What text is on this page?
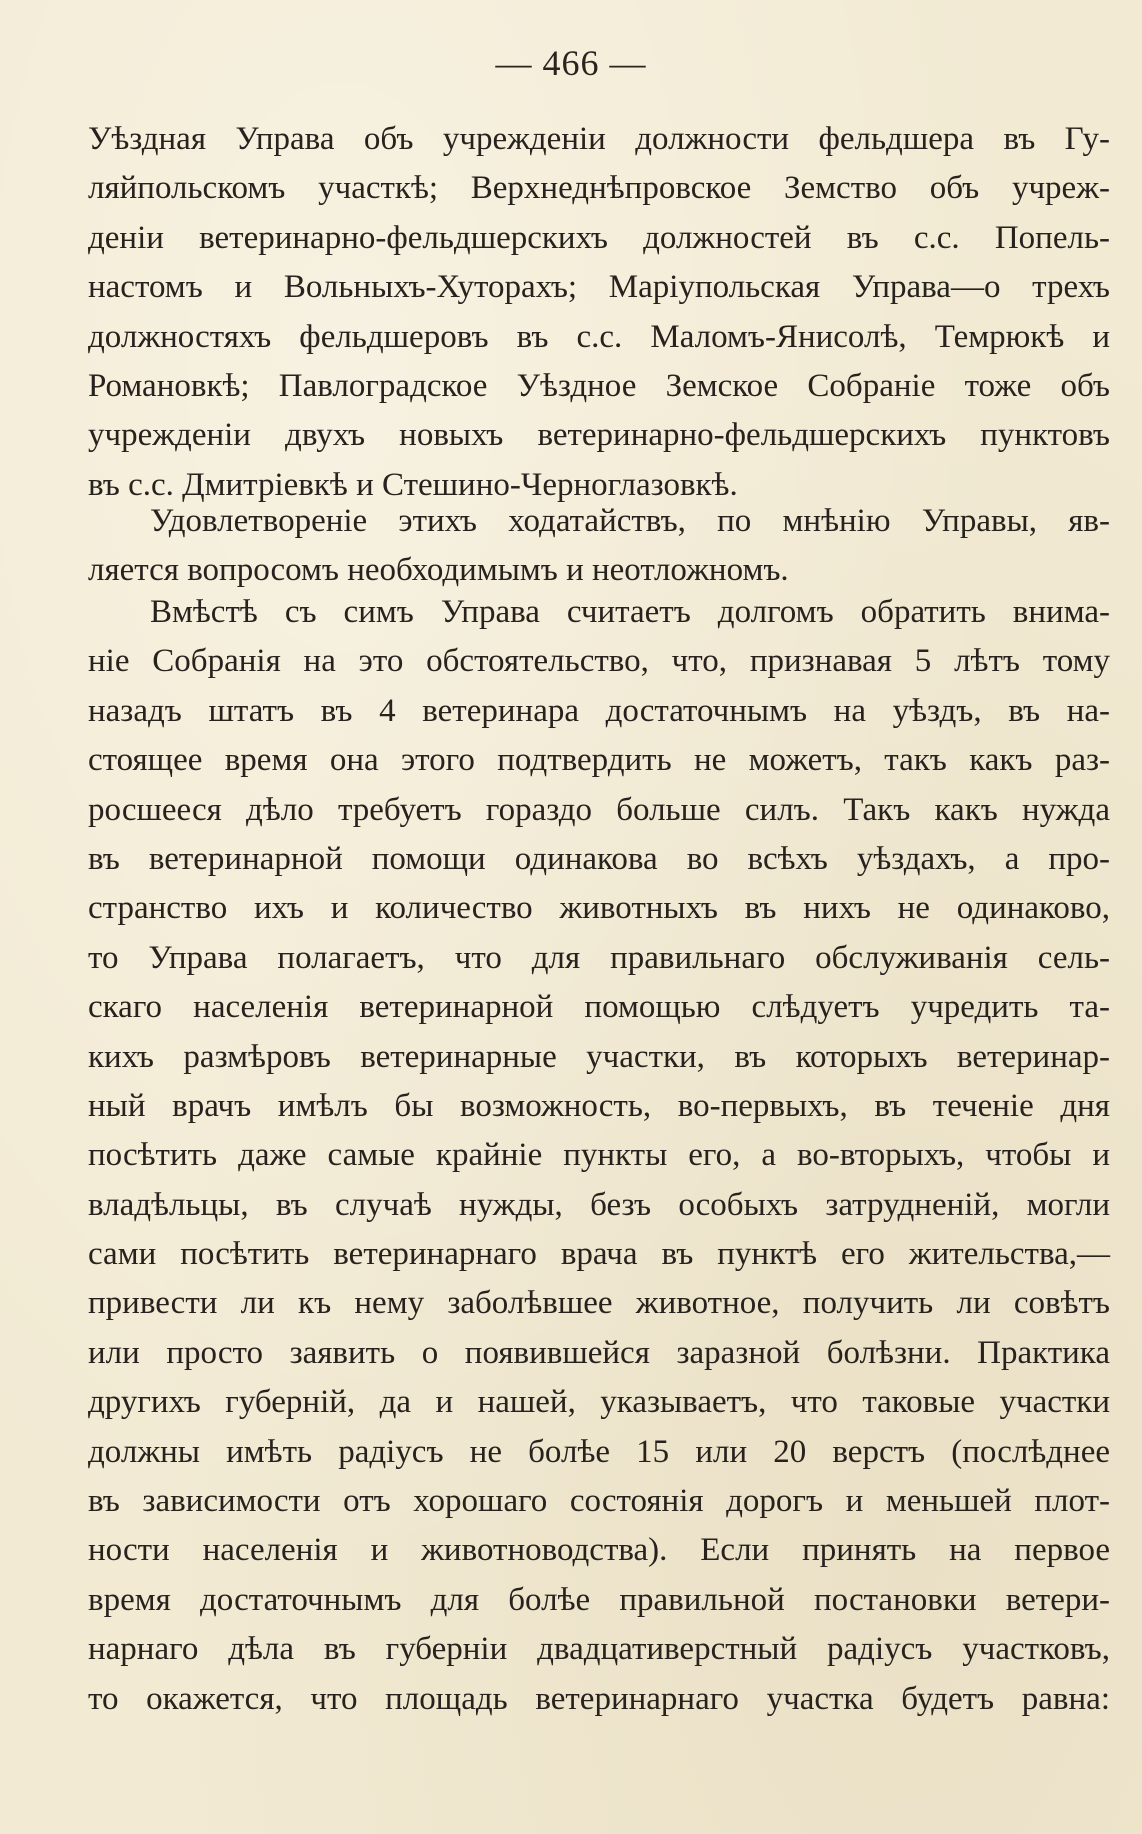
— 466 —
Уѣздная Управа объ учрежденіи должности фельдшера въ Гу-
ляйпольскомъ участкѣ; Верхнеднѣпровское Земство объ учреж-
деніи ветеринарно-фельдшерскихъ должностей въ с.с. Попель-
настомъ и Вольныхъ-Хуторахъ; Маріупольская Управа—о трехъ
должностяхъ фельдшеровъ въ с.с. Маломъ-Янисолѣ, Темрюкѣ и
Романовкѣ; Павлоградское Уѣздное Земское Собраніе тоже объ
учрежденіи двухъ новыхъ ветеринарно-фельдшерскихъ пунктовъ
въ с.с. Дмитріевкѣ и Стешино-Черноглазовкѣ.
Удовлетвореніе этихъ ходатайствъ, по мнѣнію Управы, яв-
ляется вопросомъ необходимымъ и неотложномъ.
Вмѣстѣ съ симъ Управа считаетъ долгомъ обратить внима-
ніе Собранія на это обстоятельство, что, признавая 5 лѣтъ тому
назадъ штатъ въ 4 ветеринара достаточнымъ на уѣздъ, въ на-
стоящее время она этого подтвердить не можетъ, такъ какъ раз-
росшееся дѣло требуетъ гораздо больше силъ. Такъ какъ нужда
въ ветеринарной помощи одинакова во всѣхъ уѣздахъ, а про-
странство ихъ и количество животныхъ въ нихъ не одинаково,
то Управа полагаетъ, что для правильнаго обслуживанія сель-
скаго населенія ветеринарной помощью слѣдуетъ учредить та-
кихъ размѣровъ ветеринарные участки, въ которыхъ ветеринар-
ный врачъ имѣлъ бы возможность, во-первыхъ, въ теченіе дня
посѣтить даже самые крайніе пункты его, а во-вторыхъ, чтобы и
владѣльцы, въ случаѣ нужды, безъ особыхъ затрудненій, могли
сами посѣтить ветеринарнаго врача въ пунктѣ его жительства,—
привести ли къ нему заболѣвшее животное, получить ли совѣтъ
или просто заявить о появившейся заразной болѣзни. Практика
другихъ губерній, да и нашей, указываетъ, что таковые участки
должны имѣть радіусъ не болѣе 15 или 20 верстъ (послѣднее
въ зависимости отъ хорошаго состоянія дорогъ и меньшей плот-
ности населенія и животноводства). Если принять на первое
время достаточнымъ для болѣе правильной постановки ветери-
нарнаго дѣла въ губерніи двадцативерстный радіусъ участковъ,
то окажется, что площадь ветеринарнаго участка будетъ равна:
